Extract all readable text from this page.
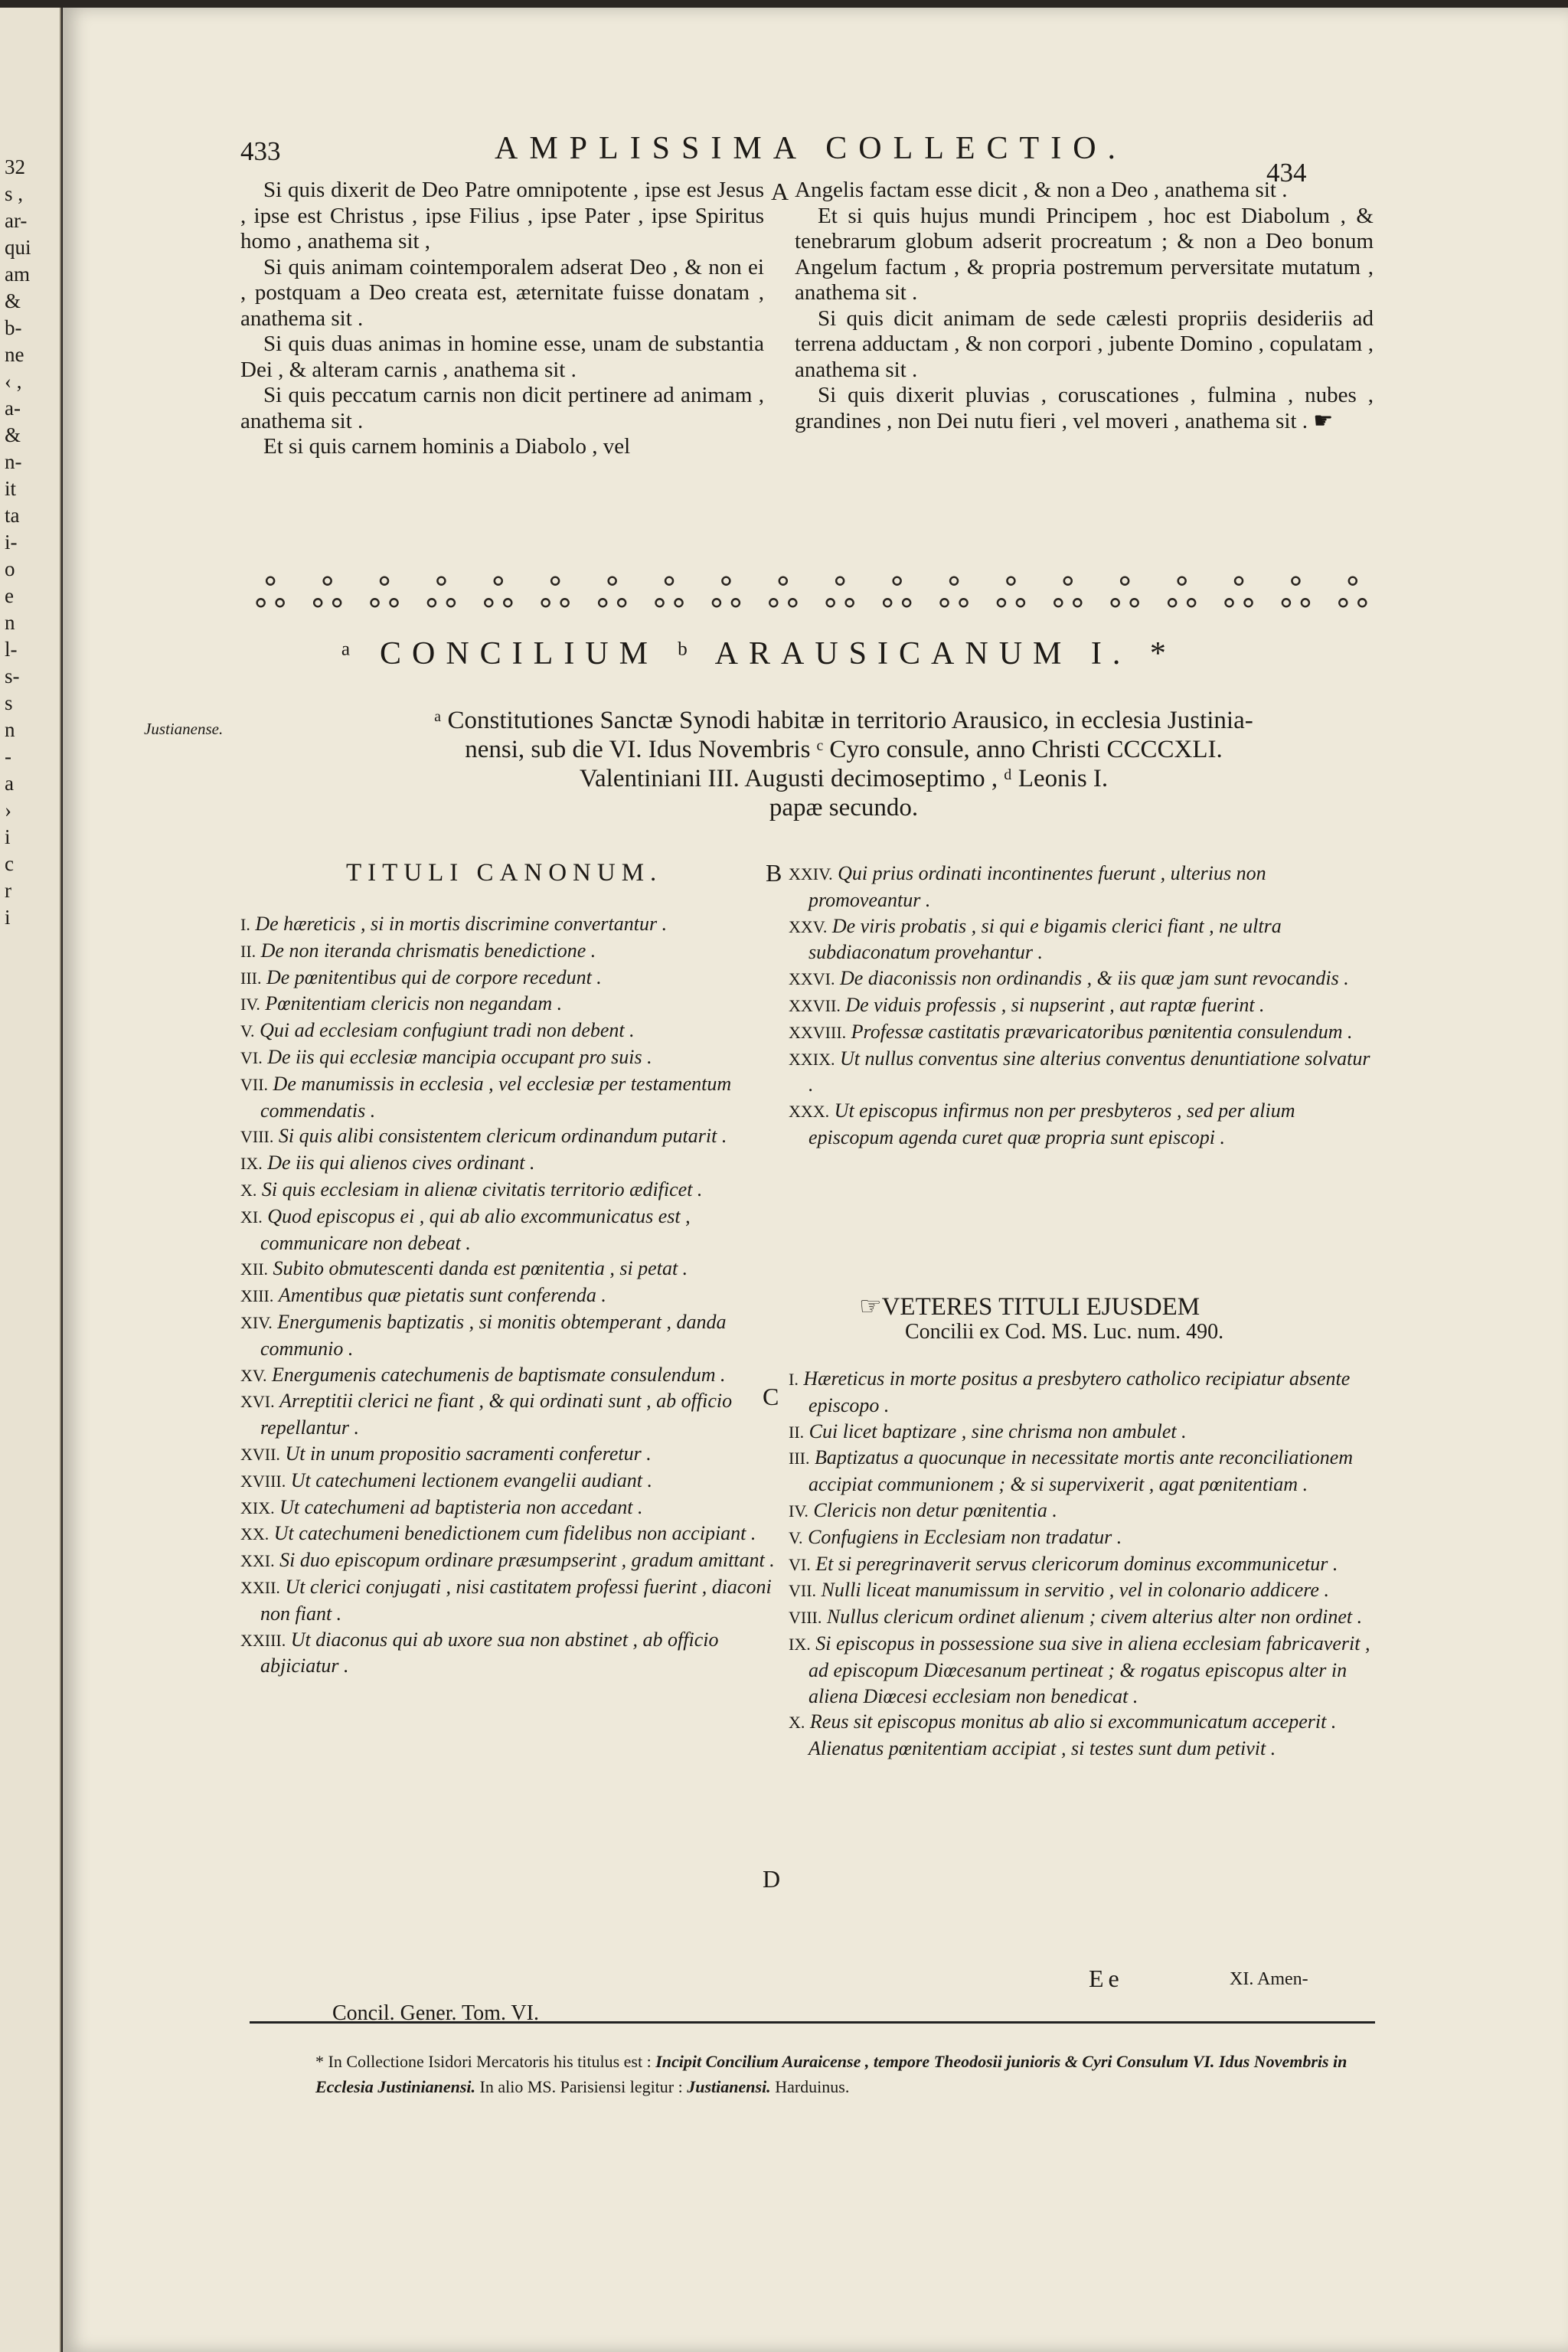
32
s ,
ar-
qui
am
&
b-
ne
‹ ,
a-
&
n-
it
ta
i-
o
e
n
l-
s-
s
n
-
a
›
i
c
r
i
433	AMPLISSIMA COLLECTIO.
434

Si quis dixerit de Deo Patre omnipotente , ipse est Jesus , ipse est Christus , ipse Filius , ipse Pater , ipse Spiritus homo , anathema sit ,

Si quis animam cointemporalem adserat Deo , & non ei , postquam a Deo creata est, æternitate fuisse donatam , anathema sit .

Si quis duas animas in homine esse, unam de substantia Dei , & alteram carnis , anathema sit .

Si quis peccatum carnis non dicit pertinere ad animam , anathema sit .

Et si quis carnem hominis a Diabolo , vel

A Angelis factam esse dicit , & non a Deo , anathema sit .

Et si quis hujus mundi Principem , hoc est Diabolum , & tenebrarum globum adserit procreatum ; & non a Deo bonum Angelum factum , & propria postremum perversitate mutatum , anathema sit .

Si quis dicit animam de sede cælesti propriis desideriis ad terrena adductam , & non corpori , jubente Domino , copulatam , anathema sit .

Si quis dixerit pluvias , coruscationes , fulmina , nubes , grandines , non Dei nutu fieri , vel moveri , anathema sit . ☛

ஃ ஃ ஃ ஃ ஃ ஃ ஃ ஃ ஃ ஃ ஃ ஃ ஃ ஃ ஃ ஃ ஃ ஃ ஃ ஃ
ᵃ CONCILIUM ᵇ ARAUSICANUM I. *
Justianense.	ᵃ Constitutiones Sanctæ Synodi habitæ in territorio Arausico, in ecclesia Justinia-
nensi, sub die VI. Idus Novembris ᶜ Cyro consule, anno Christi CCCCXLI.
Valentiniani III. Augusti decimoseptimo , ᵈ Leonis I.
papæ secundo.
TITULI CANONUM.	B
I. De hæreticis , si in mortis discrimine convertantur .
II. De non iteranda chrismatis benedictione .
III. De pœnitentibus qui de corpore recedunt .
IV. Pœnitentiam clericis non negandam .
V. Qui ad ecclesiam confugiunt tradi non debent .
VI. De iis qui ecclesiæ mancipia occupant pro suis .
VII. De manumissis in ecclesia , vel ecclesiæ per testamentum commendatis .
VIII. Si quis alibi consistentem clericum ordinandum putarit .
IX. De iis qui alienos cives ordinant .
X. Si quis ecclesiam in alienæ civitatis territorio ædificet .
XI. Quod episcopus ei , qui ab alio excommunicatus est , communicare non debeat .
XII. Subito obmutescenti danda est pœnitentia , si petat .
XIII. Amentibus quæ pietatis sunt conferenda .
XIV. Energumenis baptizatis , si monitis obtemperant , danda communio .
XV. Energumenis catechumenis de baptismate consulendum .
XVI. Arreptitii clerici ne fiant , & qui ordinati sunt , ab officio repellantur .
XVII. Ut in unum propositio sacramenti conferetur .
XVIII. Ut catechumeni lectionem evangelii audiant .
XIX. Ut catechumeni ad baptisteria non accedant .
XX. Ut catechumeni benedictionem cum fidelibus non accipiant .
XXI. Si duo episcopum ordinare præsumpserint , gradum amittant .
XXII. Ut clerici conjugati , nisi castitatem professi fuerint , diaconi non fiant .
XXIII. Ut diaconus qui ab uxore sua non abstinet , ab officio abjiciatur .
XXIV. Qui prius ordinati incontinentes fuerunt , ulterius non promoveantur .
XXV. De viris probatis , si qui e bigamis clerici fiant , ne ultra subdiaconatum provehantur .
XXVI. De diaconissis non ordinandis , & iis quæ jam sunt revocandis .
XXVII. De viduis professis , si nupserint , aut raptæ fuerint .
XXVIII. Professæ castitatis prævaricatoribus pœnitentia consulendum .
XXIX. Ut nullus conventus sine alterius conventus denuntiatione solvatur .
XXX. Ut episcopus infirmus non per presbyteros , sed per alium episcopum agenda curet quæ propria sunt episcopi .
☞VETERES TITULI EJUSDEM
Concilii ex Cod. MS. Luc. num. 490.
C
D
I. Hæreticus in morte positus a presbytero catholico recipiatur absente episcopo .
II. Cui licet baptizare , sine chrisma non ambulet .
III. Baptizatus a quocunque in necessitate mortis ante reconciliationem accipiat communionem ; & si supervixerit , agat pœnitentiam .
IV. Clericis non detur pœnitentia .
V. Confugiens in Ecclesiam non tradatur .
VI. Et si peregrinaverit servus clericorum dominus excommunicetur .
VII. Nulli liceat manumissum in servitio , vel in colonario addicere .
VIII. Nullus clericum ordinet alienum ; civem alterius alter non ordinet .
IX. Si episcopus in possessione sua sive in aliena ecclesiam fabricaverit , ad episcopum Diœcesanum pertineat ; & rogatus episcopus alter in aliena Diœcesi ecclesiam non benedicat .
X. Reus sit episcopus monitus ab alio si excommunicatum acceperit . Alienatus pœnitentiam accipiat , si testes sunt dum petivit .
Concil. Gener. Tom. VI.
Ee	XI. Amen-
* In Collectione Isidori Mercatoris his titulus est : Incipit Concilium Auraicense , tempore Theodosii junioris & Cyri Consulum VI. Idus Novembris in Ecclesia Justinianensi. In alio MS. Parisiensi legitur : Justianensi. Harduinus.
